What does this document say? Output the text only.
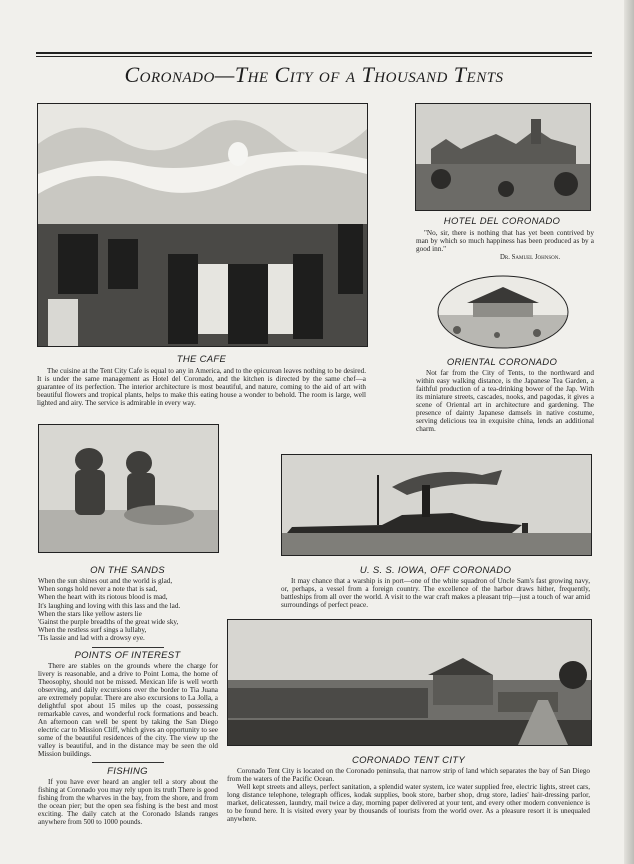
Coronado—The City of a Thousand Tents
THE CAFE

The cuisine at the Tent City Cafe is equal to any in America, and to the epicurean leaves nothing to be desired. It is under the same management as Hotel del Coronado, and the kitchen is directed by the same chef—a guarantee of its perfection. The interior architecture is most beautiful, and nature, coming to the aid of art with beautiful flowers and tropical plants, helps to make this eating house a wonder to behold. The room is large, well lighted and airy. The service is admirable in every way.

HOTEL DEL CORONADO
"No, sir, there is nothing that has yet been contrived by man by which so much happiness has been produced as by a good inn."
Dr. Samuel Johnson.
ORIENTAL CORONADO

Not far from the City of Tents, to the northward and within easy walking distance, is the Japanese Tea Garden, a faithful production of a tea-drinking bower of the Jap. With its miniature streets, cascades, nooks, and pagodas, it gives a scene of Oriental art in architecture and gardening. The presence of dainty Japanese damsels in native costume, serving delicious tea in exquisite china, lends an additional charm.

ON THE SANDS
When the sun shines out and the world is glad,
When songs hold never a note that is sad,
When the heart with its riotous blood is mad,
It's laughing and loving with this lass and the lad.
When the stars like yellow asters lie
'Gainst the purple breadths of the great wide sky,
When the restless surf sings a lullaby,
'Tis lassie and lad with a drowsy eye.
POINTS OF INTEREST

There are stables on the grounds where the charge for livery is reasonable, and a drive to Point Loma, the home of Theosophy, should not be missed. Mexican life is well worth observing, and daily excursions over the border to Tia Juana are extremely popular. There are also excursions to La Jolla, a delightful spot about 15 miles up the coast, possessing remarkable caves, and wonderful rock formations and beach. An afternoon can well be spent by taking the San Diego electric car to Mission Cliff, which gives an opportunity to see some of the beautiful residences of the city. The view up the valley is beautiful, and in the distance may be seen the old Mission buildings.

FISHING

If you have ever heard an angler tell a story about the fishing at Coronado you may rely upon its truth There is good fishing from the wharves in the bay, from the shore, and from the ocean pier; but the open sea fishing is the best and most exciting. The daily catch at the Coronado Islands ranges anywhere from 500 to 1000 pounds.

U. S. S. IOWA, OFF CORONADO

It may chance that a warship is in port—one of the white squadron of Uncle Sam's fast growing navy, or, perhaps, a vessel from a foreign country. The excellence of the harbor draws hither, frequently, battleships from all over the world. A visit to the war craft makes a pleasant trip—just a touch of war amid surroundings of perfect peace.

CORONADO TENT CITY

Coronado Tent City is located on the Coronado peninsula, that narrow strip of land which separates the bay of San Diego from the waters of the Pacific Ocean.

Well kept streets and alleys, perfect sanitation, a splendid water system, ice water supplied free, electric lights, street cars, long distance telephone, telegraph offices, kodak supplies, book store, barber shop, drug store, ladies' hair-dressing parlor, market, delicatessen, laundry, mail twice a day, morning paper delivered at your tent, and every other modern convenience is to be found here. It is visited every year by thousands of tourists from the world over. As a pleasure resort it is unequaled anywhere.
